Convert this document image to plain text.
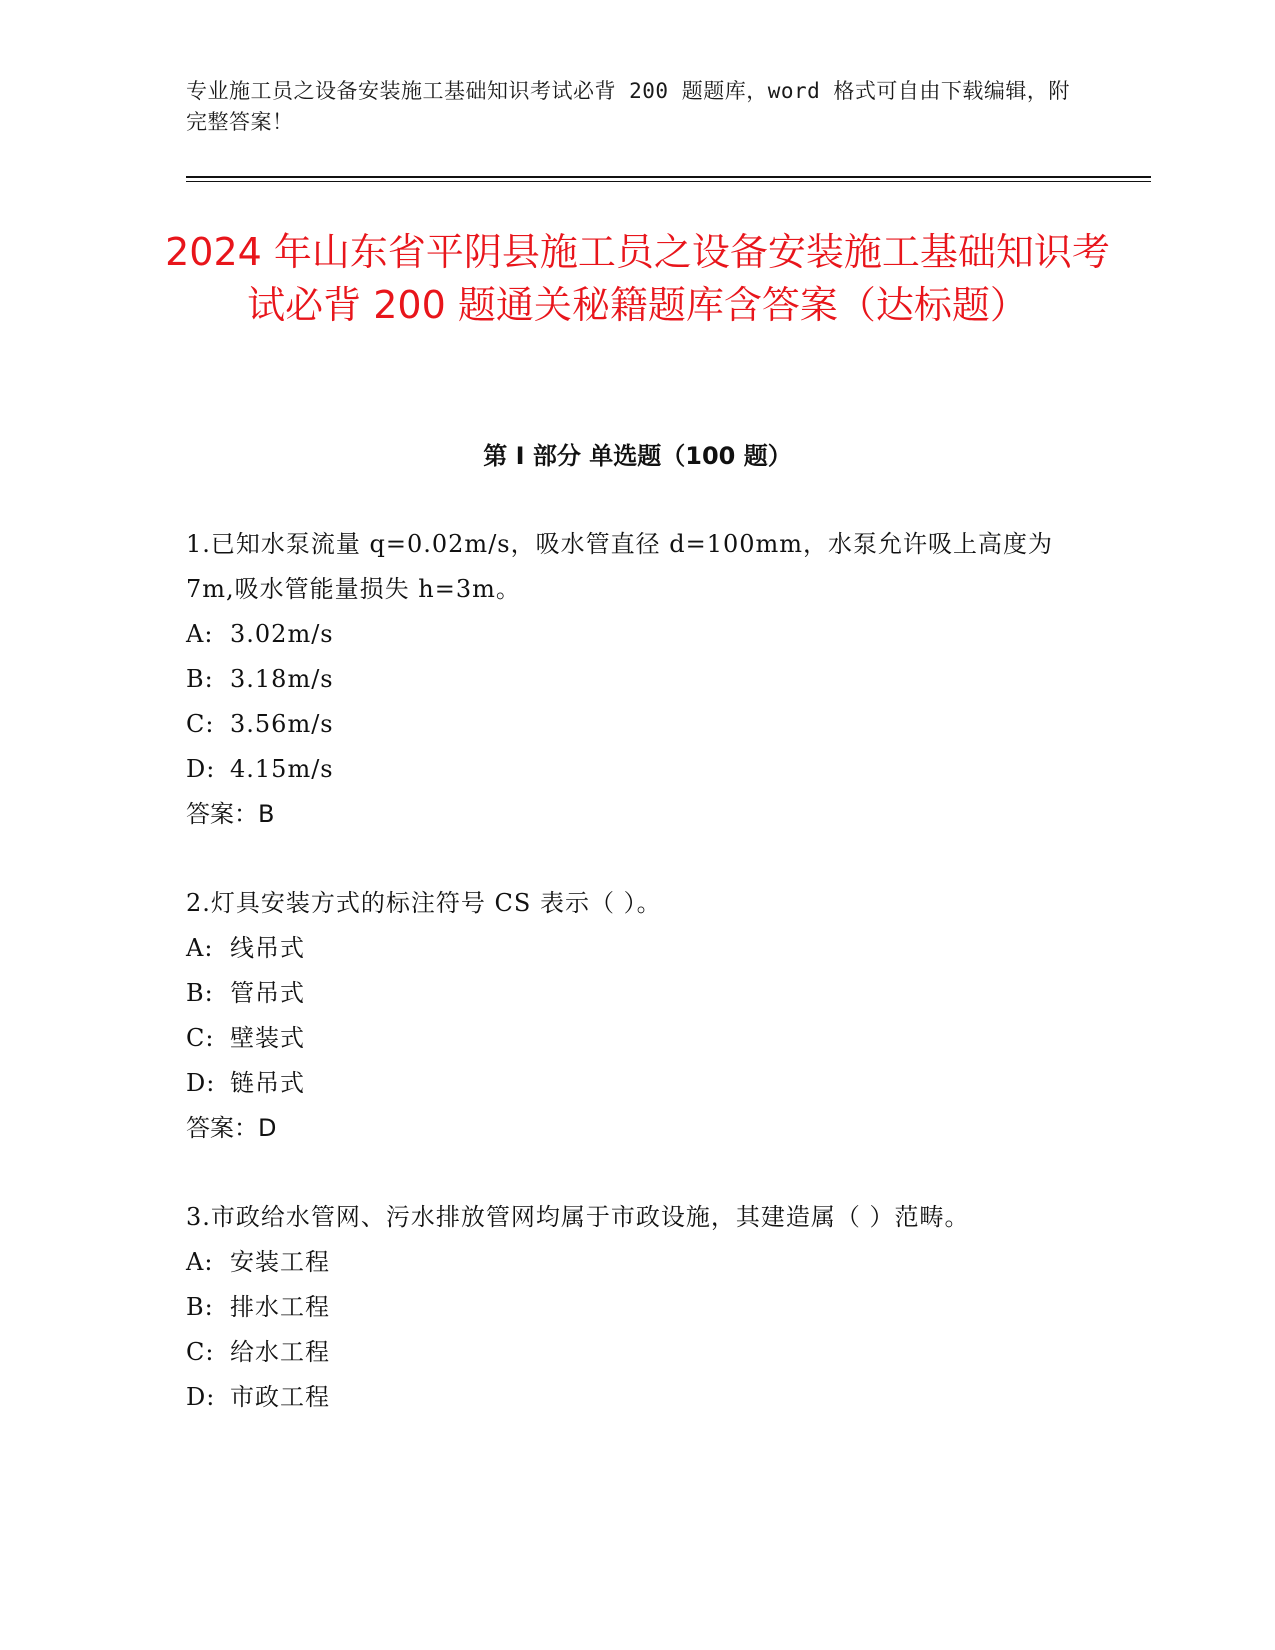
专业施工员之设备安装施工基础知识考试必背 200 题题库，word 格式可自由下载编辑，附完整答案！
2024 年山东省平阴县施工员之设备安装施工基础知识考试必背 200 题通关秘籍题库含答案（达标题）
第 I 部分 单选题（100 题）
1.已知水泵流量 q=0.02m/s，吸水管直径 d=100mm，水泵允许吸上高度为 7m,吸水管能量损失 h=3m。
A: 3.02m/s
B: 3.18m/s
C: 3.56m/s
D: 4.15m/s
答案：B
2.灯具安装方式的标注符号 CS 表示（ ）。
A: 线吊式
B: 管吊式
C: 壁装式
D: 链吊式
答案：D
3.市政给水管网、污水排放管网均属于市政设施，其建造属（ ）范畴。
A: 安装工程
B: 排水工程
C: 给水工程
D: 市政工程
